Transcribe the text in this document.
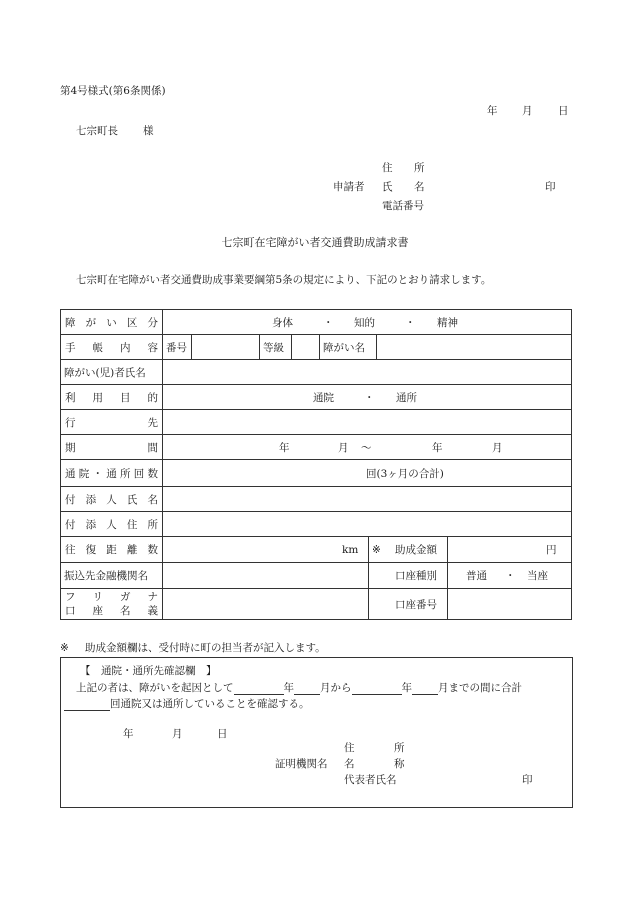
第4号様式(第6条関係)
年 月 日
七宗町長 様
住 所
申請者 氏 名	印
電話番号
七宗町在宅障がい者交通費助成請求書
七宗町在宅障がい者交通費助成事業要綱第5条の規定により、下記のとおり請求します。
障 が い 区 分	身体	・ 知的	・ 精神
手 帳 内 容 番号	等級	障がい名
障がい(児)者氏名
利 用 目 的	通院	・ 通所
行	先
期	間	年	月 ～	年	月
通 院 ・ 通 所 回 数	回(3ヶ月の合計)
付 添 人 氏 名
付 添 人 住 所
往 復 距 離 数	km ※ 助成金額	円
振込先金融機関名	口座種別	普通 ・ 当座
フ リ ガ ナ
口 座 名 義
口座番号
※ 助成金額欄は、受付時に町の担当者が記入します。
【　通院・通所先確認欄　】
上記の者は、障がいを起因として	年 月から	年 月までの間に合計
回通院又は通所していることを確認する。
年	月	日
住	所
証明機関名 名	称
代表者氏名	印
